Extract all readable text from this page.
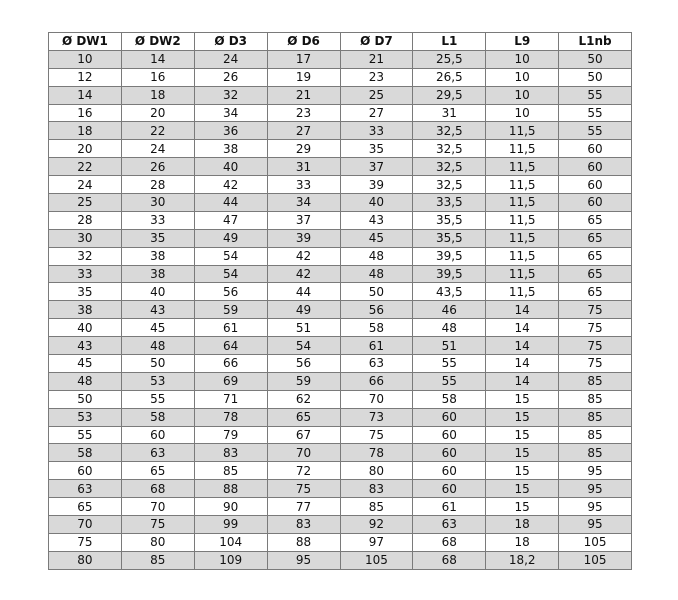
Ø DW1	Ø DW2	Ø D3	Ø D6	Ø D7	L1	L9	L1nb
10	14	24	17	21	25,5	10	50
12	16	26	19	23	26,5	10	50
14	18	32	21	25	29,5	10	55
16	20	34	23	27	31	10	55
18	22	36	27	33	32,5	11,5	55
20	24	38	29	35	32,5	11,5	60
22	26	40	31	37	32,5	11,5	60
24	28	42	33	39	32,5	11,5	60
25	30	44	34	40	33,5	11,5	60
28	33	47	37	43	35,5	11,5	65
30	35	49	39	45	35,5	11,5	65
32	38	54	42	48	39,5	11,5	65
33	38	54	42	48	39,5	11,5	65
35	40	56	44	50	43,5	11,5	65
38	43	59	49	56	46	14	75
40	45	61	51	58	48	14	75
43	48	64	54	61	51	14	75
45	50	66	56	63	55	14	75
48	53	69	59	66	55	14	85
50	55	71	62	70	58	15	85
53	58	78	65	73	60	15	85
55	60	79	67	75	60	15	85
58	63	83	70	78	60	15	85
60	65	85	72	80	60	15	95
63	68	88	75	83	60	15	95
65	70	90	77	85	61	15	95
70	75	99	83	92	63	18	95
75	80	104	88	97	68	18	105
80	85	109	95	105	68	18,2	105
